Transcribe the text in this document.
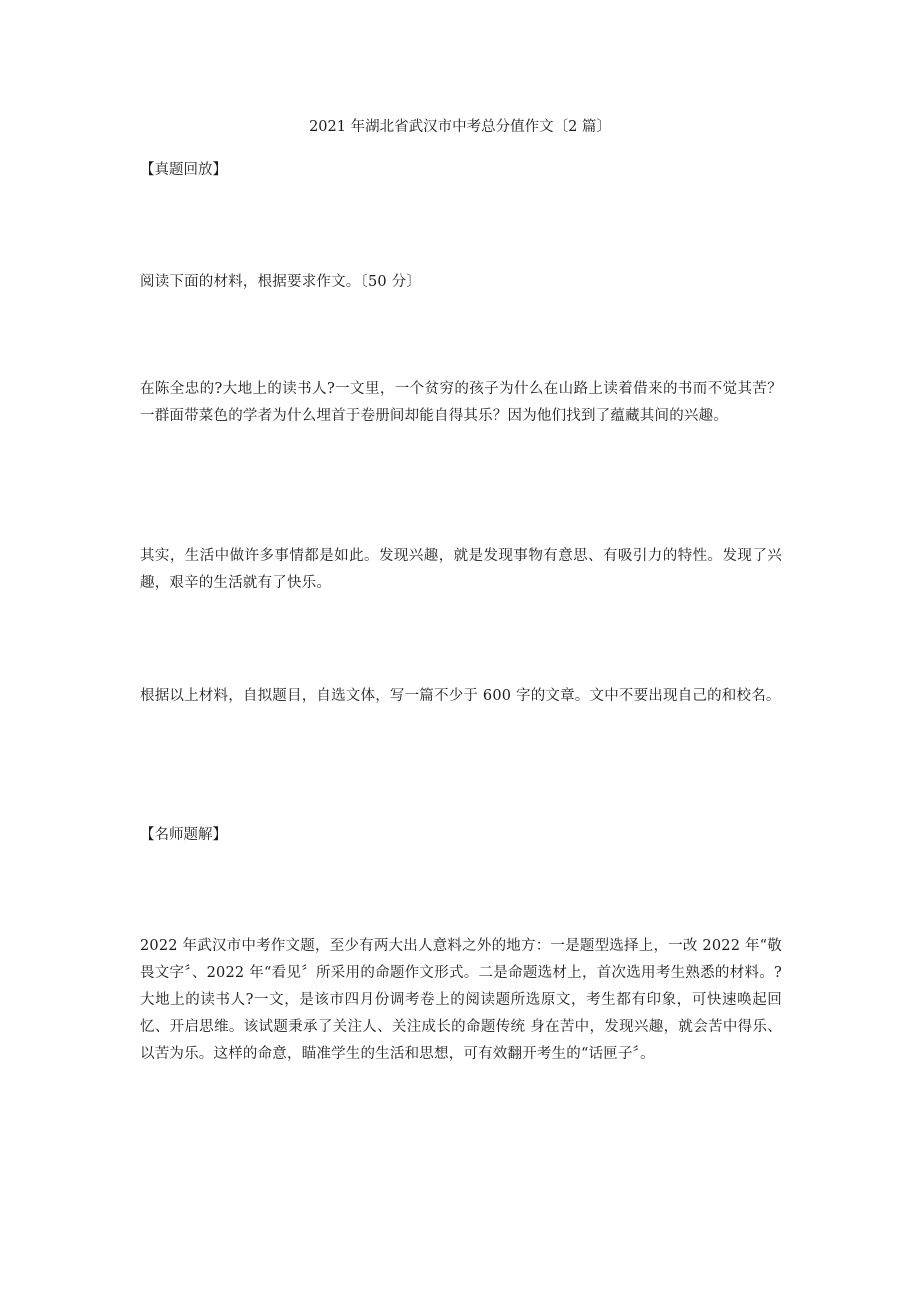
2021 年湖北省武汉市中考总分值作文〔2 篇〕

【真题回放】

阅读下面的材料，根据要求作文。〔50 分〕

在陈全忠的?大地上的读书人?一文里，一个贫穷的孩子为什么在山路上读着借来的书而不觉其苦？一群面带菜色的学者为什么埋首于卷册间却能自得其乐？因为他们找到了蕴藏其间的兴趣。

其实，生活中做许多事情都是如此。发现兴趣，就是发现事物有意思、有吸引力的特性。发现了兴趣，艰辛的生活就有了快乐。

根据以上材料，自拟题目，自选文体，写一篇不少于 600 字的文章。文中不要出现自己的和校名。

【名师题解】

2022 年武汉市中考作文题，至少有两大出人意料之外的地方：一是题型选择上，一改 2022 年“敬畏文字〞、2022 年“看见〞所采用的命题作文形式。二是命题选材上，首次选用考生熟悉的材料。?大地上的读书人?一文，是该市四月份调考卷上的阅读题所选原文，考生都有印象，可快速唤起回忆、开启思维。该试题秉承了关注人、关注成长的命题传统 身在苦中，发现兴趣，就会苦中得乐、以苦为乐。这样的命意，瞄准学生的生活和思想，可有效翻开考生的“话匣子〞。
